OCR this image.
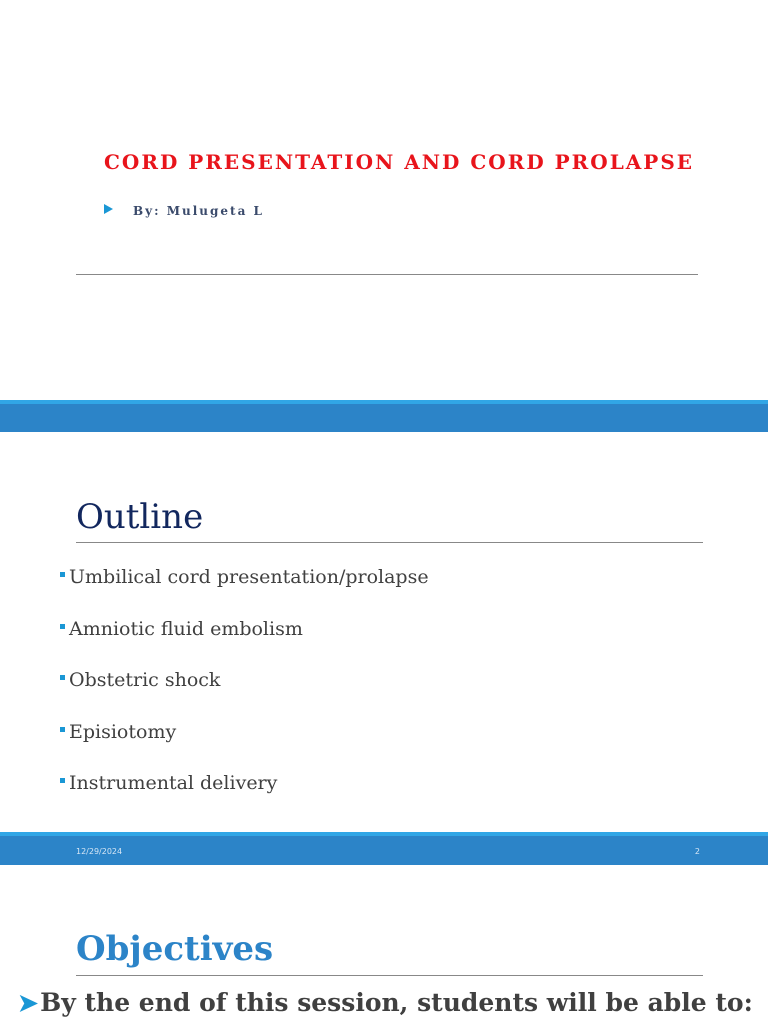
CORD PRESENTATION AND CORD PROLAPSE
By: Mulugeta L
Outline
Umbilical cord presentation/prolapse
Amniotic fluid embolism
Obstetric shock
Episiotomy
Instrumental delivery
12/29/2024	2
Objectives
➤ By the end of this session, students will be able to:
